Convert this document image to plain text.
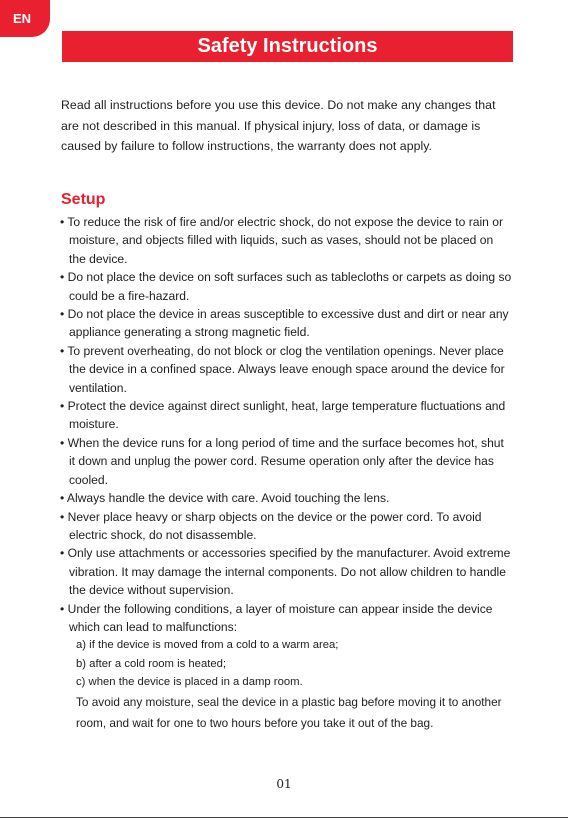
EN
Safety Instructions

Read all instructions before you use this device. Do not make any changes that are not described in this manual. If physical injury, loss of data, or damage is caused by failure to follow instructions, the warranty does not apply.

Setup
• To reduce the risk of fire and/or electric shock, do not expose the device to rain or moisture, and objects filled with liquids, such as vases, should not be placed on the device.
• Do not place the device on soft surfaces such as tablecloths or carpets as doing so could be a fire-hazard.
• Do not place the device in areas susceptible to excessive dust and dirt or near any appliance generating a strong magnetic field.
• To prevent overheating, do not block or clog the ventilation openings. Never place the device in a confined space. Always leave enough space around the device for ventilation.
• Protect the device against direct sunlight, heat, large temperature fluctuations and moisture.
• When the device runs for a long period of time and the surface becomes hot, shut it down and unplug the power cord. Resume operation only after the device has cooled.
• Always handle the device with care. Avoid touching the lens.
• Never place heavy or sharp objects on the device or the power cord. To avoid electric shock, do not disassemble.
• Only use attachments or accessories specified by the manufacturer. Avoid extreme vibration. It may damage the internal components. Do not allow children to handle the device without supervision.
• Under the following conditions, a layer of moisture can appear inside the device which can lead to malfunctions:
a) if the device is moved from a cold to a warm area;
b) after a cold room is heated;
c) when the device is placed in a damp room.
To avoid any moisture, seal the device in a plastic bag before moving it to another room, and wait for one to two hours before you take it out of the bag.
01
